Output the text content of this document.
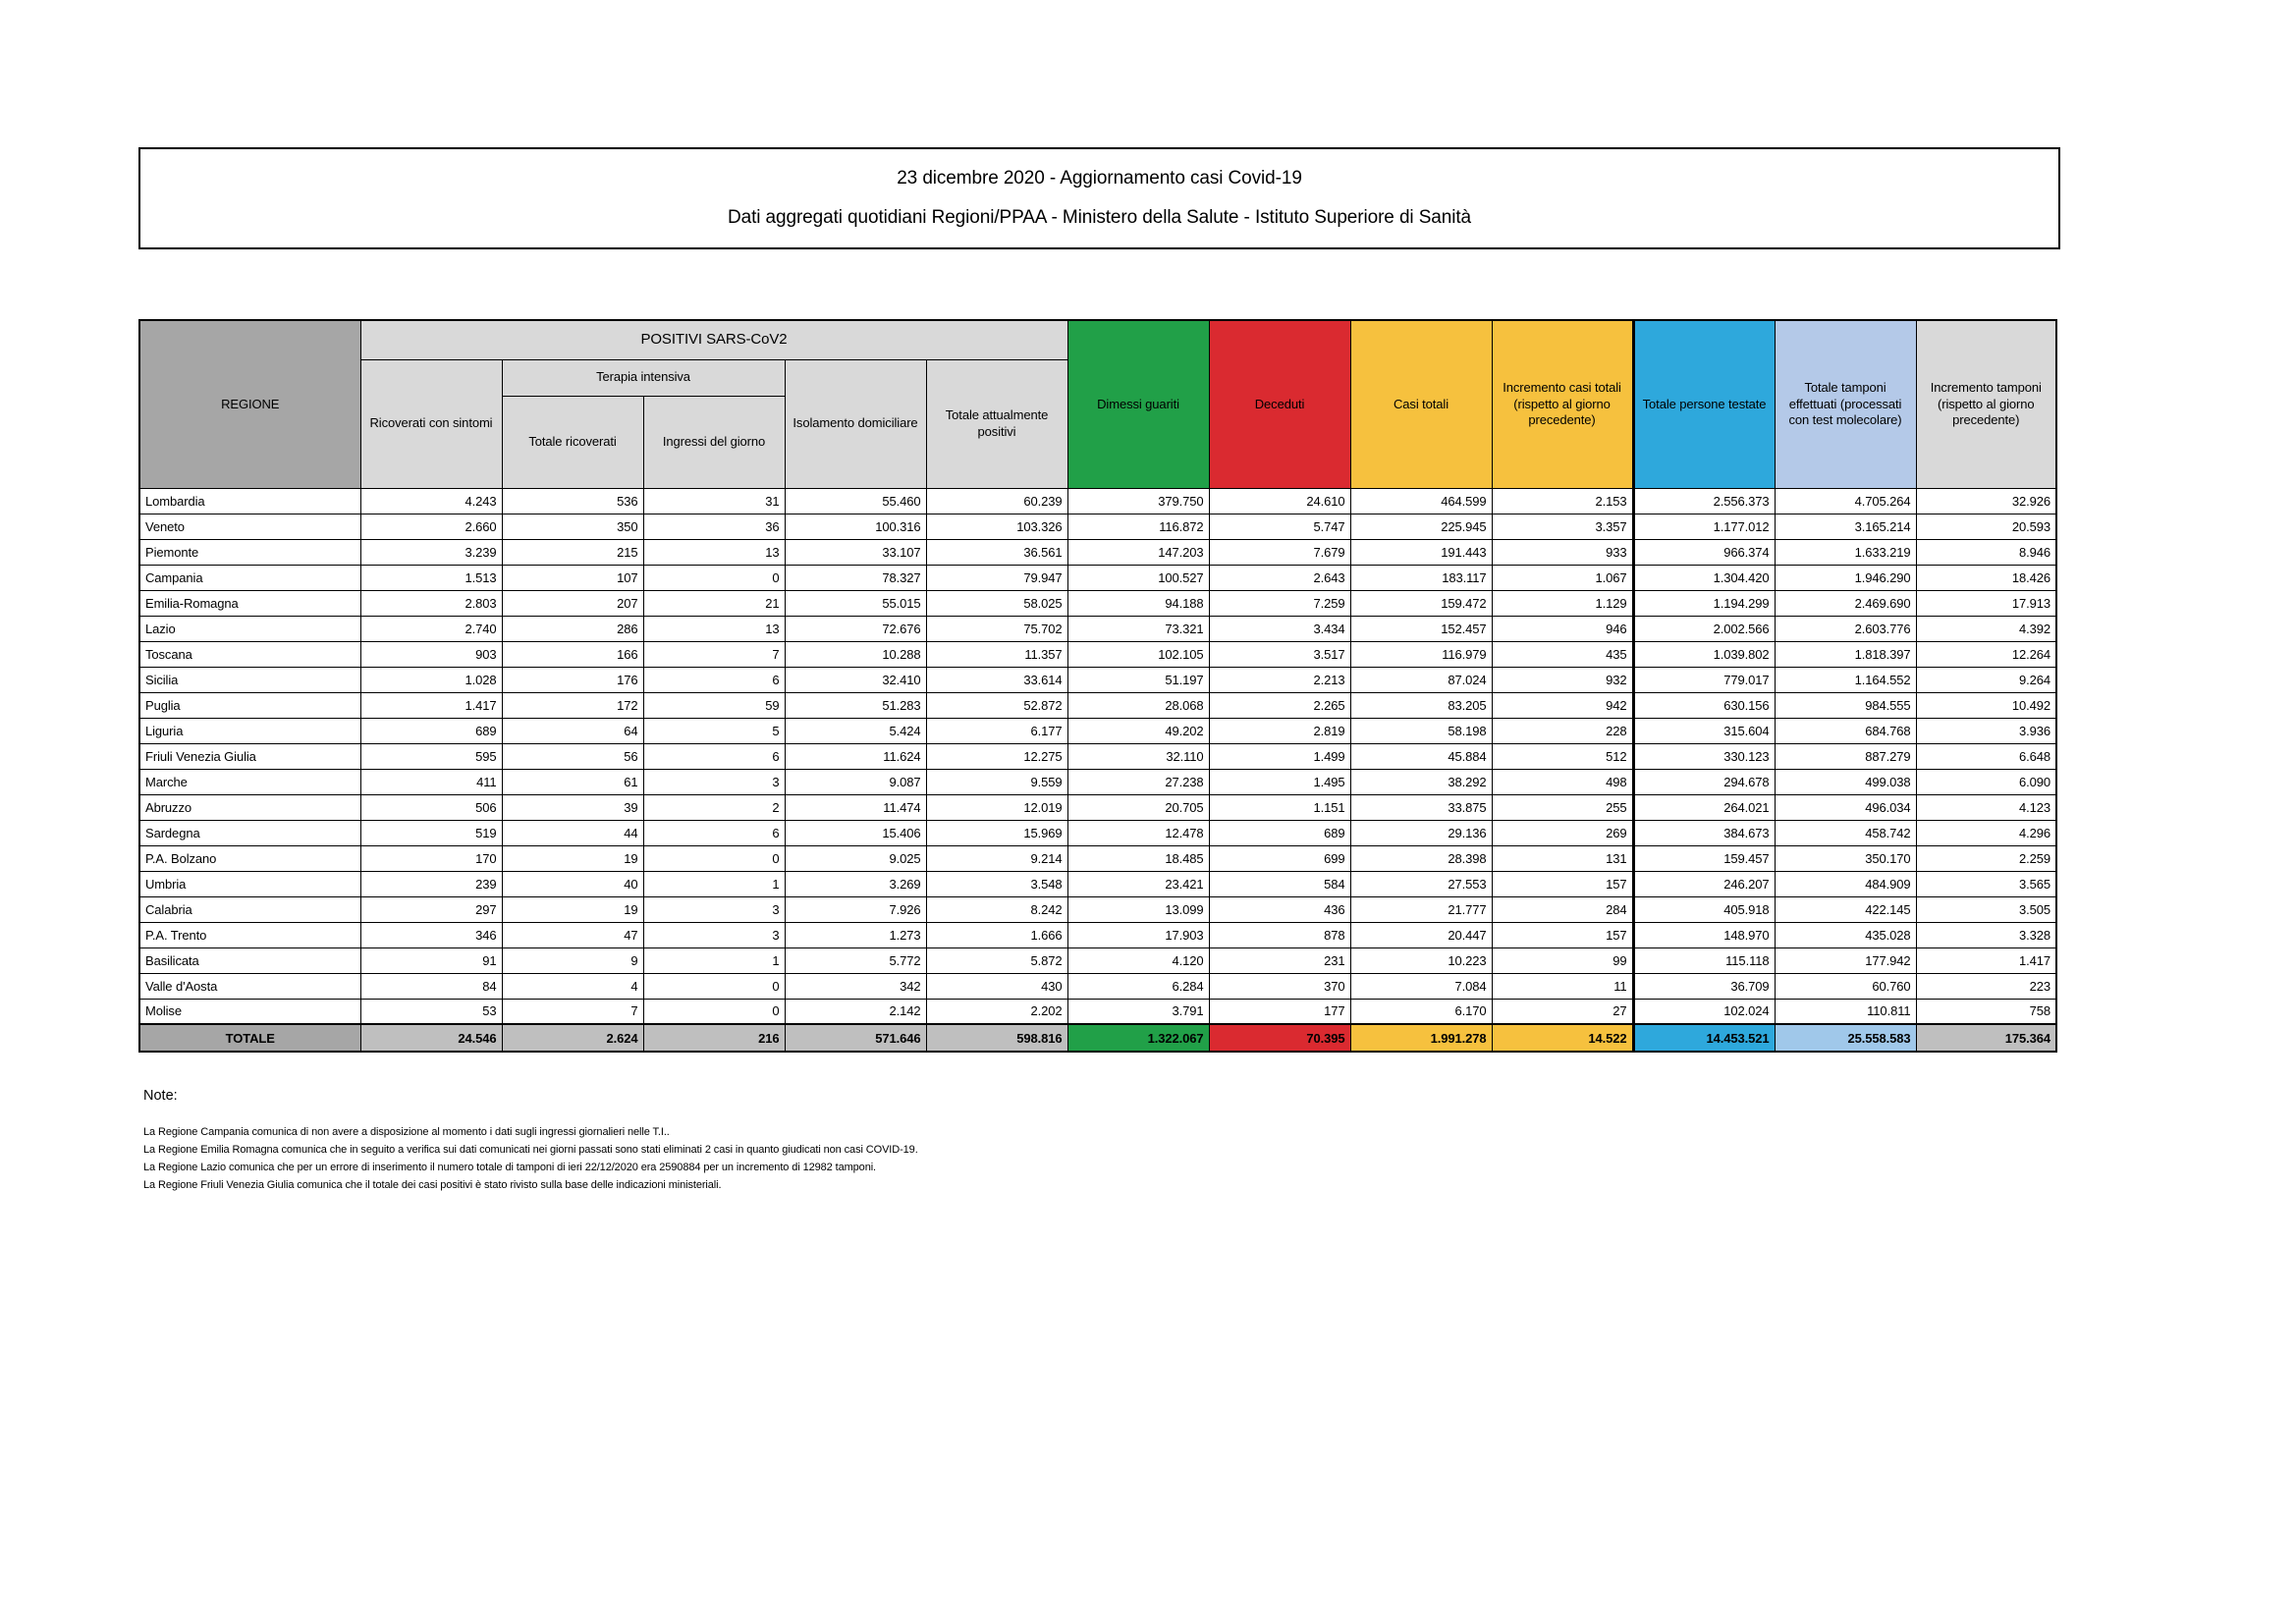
23 dicembre 2020 - Aggiornamento casi Covid-19
Dati aggregati quotidiani Regioni/PPAA - Ministero della Salute - Istituto Superiore di Sanità
REGIONE	POSITIVI SARS-CoV2					Dimessi guariti	Deceduti	Casi totali	Incremento casi totali (rispetto al giorno precedente)	Totale persone testate	Totale tamponi effettuati (processati con test molecolare)	Incremento tamponi (rispetto al giorno precedente)
	Ricoverati con sintomi	Terapia intensiva		Isolamento domiciliare	Totale attualmente positivi							
		Totale ricoverati	Ingressi del giorno									
Lombardia	4.243	536	31	55.460	60.239	379.750	24.610	464.599	2.153	2.556.373	4.705.264	32.926
Veneto	2.660	350	36	100.316	103.326	116.872	5.747	225.945	3.357	1.177.012	3.165.214	20.593
Piemonte	3.239	215	13	33.107	36.561	147.203	7.679	191.443	933	966.374	1.633.219	8.946
Campania	1.513	107	0	78.327	79.947	100.527	2.643	183.117	1.067	1.304.420	1.946.290	18.426
Emilia-Romagna	2.803	207	21	55.015	58.025	94.188	7.259	159.472	1.129	1.194.299	2.469.690	17.913
Lazio	2.740	286	13	72.676	75.702	73.321	3.434	152.457	946	2.002.566	2.603.776	4.392
Toscana	903	166	7	10.288	11.357	102.105	3.517	116.979	435	1.039.802	1.818.397	12.264
Sicilia	1.028	176	6	32.410	33.614	51.197	2.213	87.024	932	779.017	1.164.552	9.264
Puglia	1.417	172	59	51.283	52.872	28.068	2.265	83.205	942	630.156	984.555	10.492
Liguria	689	64	5	5.424	6.177	49.202	2.819	58.198	228	315.604	684.768	3.936
Friuli Venezia Giulia	595	56	6	11.624	12.275	32.110	1.499	45.884	512	330.123	887.279	6.648
Marche	411	61	3	9.087	9.559	27.238	1.495	38.292	498	294.678	499.038	6.090
Abruzzo	506	39	2	11.474	12.019	20.705	1.151	33.875	255	264.021	496.034	4.123
Sardegna	519	44	6	15.406	15.969	12.478	689	29.136	269	384.673	458.742	4.296
P.A. Bolzano	170	19	0	9.025	9.214	18.485	699	28.398	131	159.457	350.170	2.259
Umbria	239	40	1	3.269	3.548	23.421	584	27.553	157	246.207	484.909	3.565
Calabria	297	19	3	7.926	8.242	13.099	436	21.777	284	405.918	422.145	3.505
P.A. Trento	346	47	3	1.273	1.666	17.903	878	20.447	157	148.970	435.028	3.328
Basilicata	91	9	1	5.772	5.872	4.120	231	10.223	99	115.118	177.942	1.417
Valle d'Aosta	84	4	0	342	430	6.284	370	7.084	11	36.709	60.760	223
Molise	53	7	0	2.142	2.202	3.791	177	6.170	27	102.024	110.811	758
TOTALE	24.546	2.624	216	571.646	598.816	1.322.067	70.395	1.991.278	14.522	14.453.521	25.558.583	175.364
Note:
La Regione Campania comunica di non avere a disposizione al momento i dati sugli ingressi giornalieri nelle T.I..
La Regione Emilia Romagna comunica che in seguito a verifica sui dati comunicati nei giorni passati sono stati eliminati 2 casi in quanto giudicati non casi COVID-19.
La Regione Lazio comunica che per un errore di inserimento il numero totale di tamponi di ieri 22/12/2020 era 2590884 per un incremento di 12982 tamponi.
La Regione Friuli Venezia Giulia comunica che il totale dei casi positivi è stato rivisto sulla base delle indicazioni ministeriali.
